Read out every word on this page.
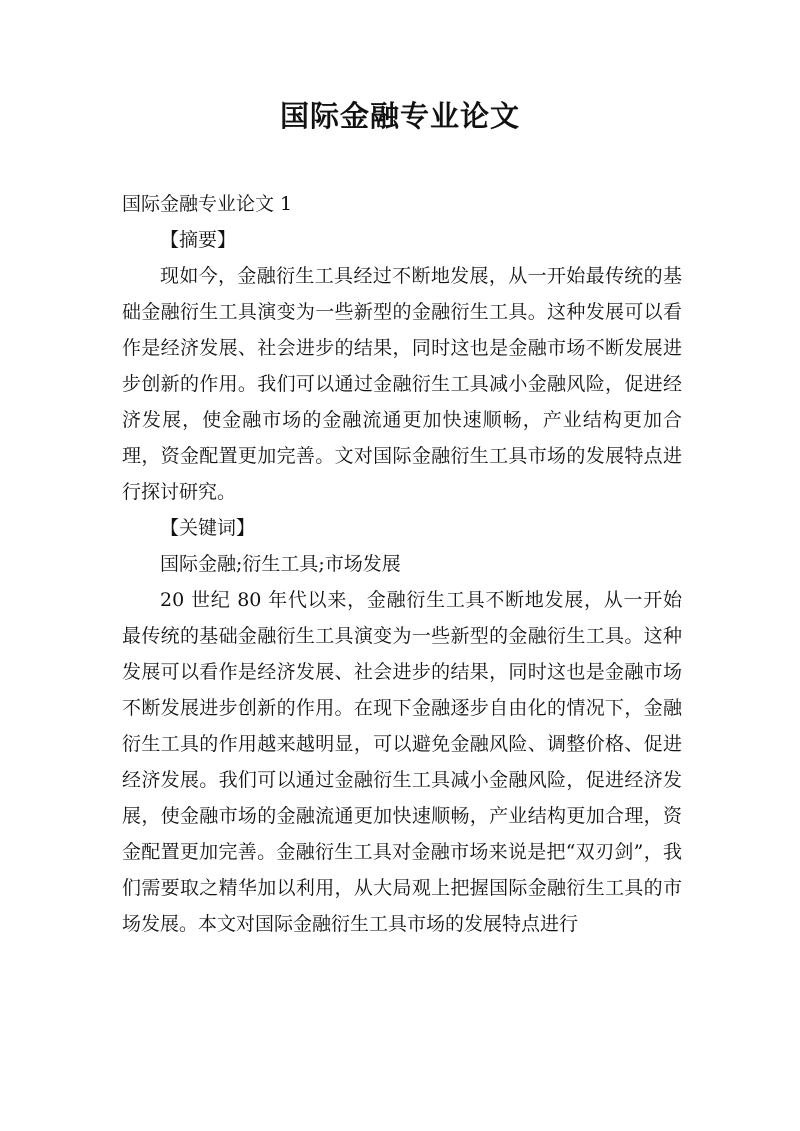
国际金融专业论文

国际金融专业论文 1

【摘要】

现如今，金融衍生工具经过不断地发展，从一开始最传统的基础金融衍生工具演变为一些新型的金融衍生工具。这种发展可以看作是经济发展、社会进步的结果，同时这也是金融市场不断发展进步创新的作用。我们可以通过金融衍生工具减小金融风险，促进经济发展，使金融市场的金融流通更加快速顺畅，产业结构更加合理，资金配置更加完善。文对国际金融衍生工具市场的发展特点进行探讨研究。

【关键词】

国际金融;衍生工具;市场发展

20 世纪 80 年代以来，金融衍生工具不断地发展，从一开始最传统的基础金融衍生工具演变为一些新型的金融衍生工具。这种发展可以看作是经济发展、社会进步的结果，同时这也是金融市场不断发展进步创新的作用。在现下金融逐步自由化的情况下，金融衍生工具的作用越来越明显，可以避免金融风险、调整价格、促进经济发展。我们可以通过金融衍生工具减小金融风险，促进经济发展，使金融市场的金融流通更加快速顺畅，产业结构更加合理，资金配置更加完善。金融衍生工具对金融市场来说是把“双刃剑”，我们需要取之精华加以利用，从大局观上把握国际金融衍生工具的市场发展。本文对国际金融衍生工具市场的发展特点进行
